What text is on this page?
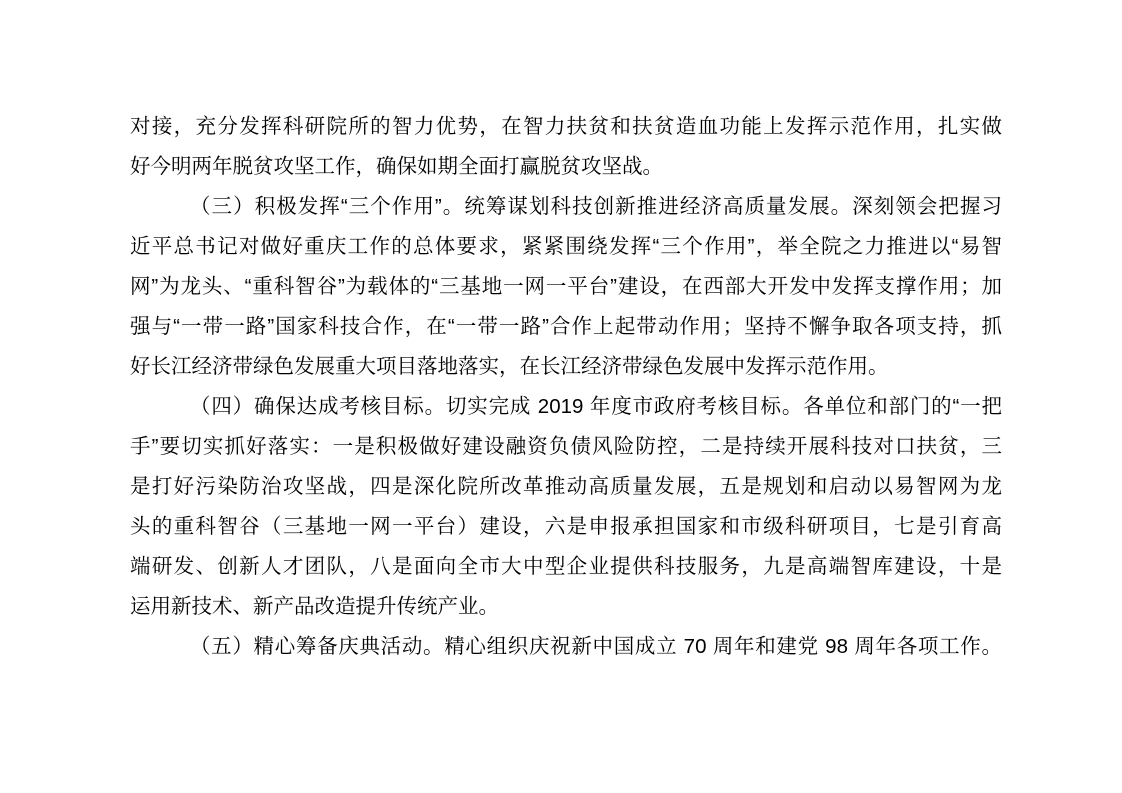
对接，充分发挥科研院所的智力优势，在智力扶贫和扶贫造血功能上发挥示范作用，扎实做
好今明两年脱贫攻坚工作，确保如期全面打赢脱贫攻坚战。
（三）积极发挥“三个作用”。统筹谋划科技创新推进经济高质量发展。深刻领会把握习
近平总书记对做好重庆工作的总体要求，紧紧围绕发挥“三个作用”，举全院之力推进以“易智
网”为龙头、“重科智谷”为载体的“三基地一网一平台”建设，在西部大开发中发挥支撑作用；加
强与“一带一路”国家科技合作，在“一带一路”合作上起带动作用；坚持不懈争取各项支持，抓
好长江经济带绿色发展重大项目落地落实，在长江经济带绿色发展中发挥示范作用。
（四）确保达成考核目标。切实完成 2019 年度市政府考核目标。各单位和部门的“一把
手”要切实抓好落实：一是积极做好建设融资负债风险防控，二是持续开展科技对口扶贫，三
是打好污染防治攻坚战，四是深化院所改革推动高质量发展，五是规划和启动以易智网为龙
头的重科智谷（三基地一网一平台）建设，六是申报承担国家和市级科研项目，七是引育高
端研发、创新人才团队，八是面向全市大中型企业提供科技服务，九是高端智库建设，十是
运用新技术、新产品改造提升传统产业。
（五）精心筹备庆典活动。精心组织庆祝新中国成立 70 周年和建党 98 周年各项工作。
